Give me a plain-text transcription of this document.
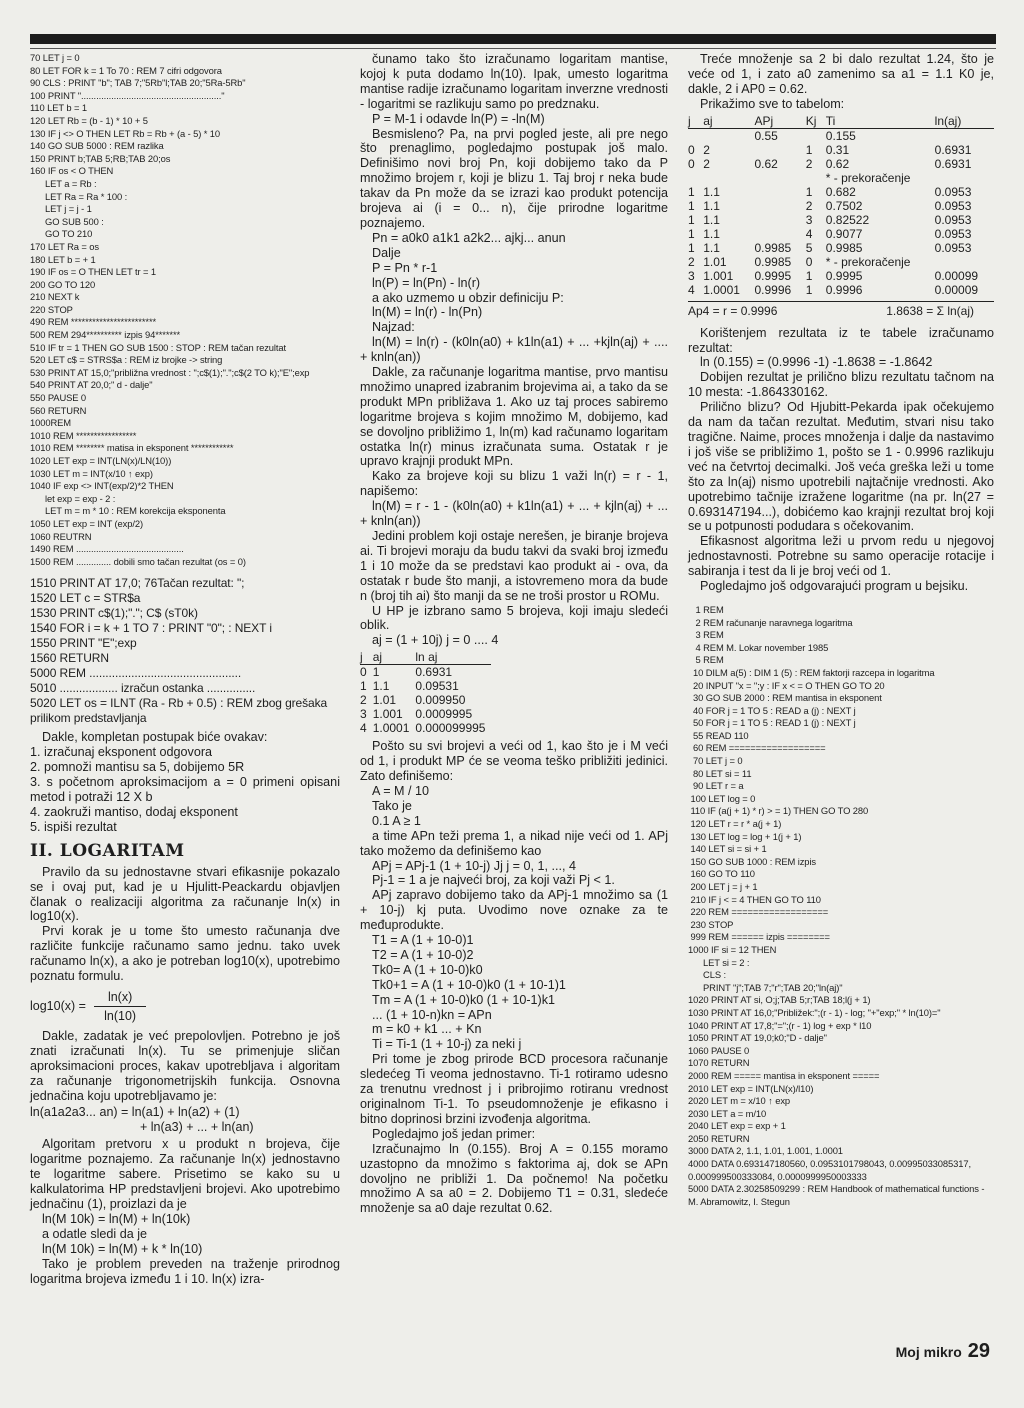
70 LET j = 0
80 LET FOR k = 1 To 70 : REM 7 cifri odgovora
90 CLS : PRINT "b"; TAB 7;"5Rb"l;TAB 20;"5Ra-5Rb"
100 PRINT "........................................................"
110 LET b = 1
120 LET Rb = (b - 1) * 10 + 5
130 IF j <> O THEN LET Rb = Rb + (a - 5) * 10
140 GO SUB 5000 : REM razlika
150 PRINT b;TAB 5;RB;TAB 20;os
160 IF os < O THEN
LET a = Rb :
LET Ra = Ra * 100 :
LET j = j - 1
GO SUB 500 :
GO TO 210
170 LET Ra = os
180 LET b = + 1
190 IF os = O THEN LET tr = 1
200 GO TO 120
210 NEXT k
220 STOP
490 REM ************************
500 REM 294********** izpis 94*******
510 IF tr = 1 THEN GO SUB 1500 : STOP : REM tačan rezultat
520 LET c$ = STRS$a : REM iz brojke -> string
530 PRINT AT 15,0;"približna vrednost : ";c$(1);".";c$(2 TO k);"E";exp
540 PRINT AT 20,0;" d - dalje"
550 PAUSE 0
560 RETURN
1000REM
1010 REM *****************
1010 REM ******** matisa in eksponent ************
1020 LET exp = INT(LN(x)/LN(10))
1030 LET m = INT(x/10 ↑ exp)
1040 IF exp <> INT(exp/2)*2 THEN
let exp = exp - 2 :
LET m = m * 10 : REM korekcija eksponenta
1050 LET exp = INT (exp/2)
1060 REUTRN
1490 REM ...........................................
1500 REM .............. dobili smo tačan rezultat (os = 0)
1510 PRINT AT 17,0; 76Tačan rezultat: ";
1520 LET c = STR$a
1530 PRINT c$(1);"."; C$ (sT0k)
1540 FOR i = k + 1 TO 7 : PRINT "0"; : NEXT i
1550 PRINT "E";exp
1560 RETURN
5000 REM ...............................................
5010 .................. izračun ostanka ...............
5020 LET os = ILNT (Ra - Rb + 0.5) : REM zbog grešaka prilikom predstavljanja

Dakle, kompletan postupak biće ovakav:

1. izračunaj eksponent odgovora
2. pomnoži mantisu sa 5, dobijemo 5R
3. s početnom aproksimacijom a = 0 primeni opisani metod i potraži 12 X b
4. zaokruži mantiso, dodaj eksponent
5. ispiši rezultat
II. LOGARITAM

Pravilo da su jednostavne stvari efikasnije pokazalo se i ovaj put, kad je u Hjulitt-Peackardu objavljen članak o realizaciji algoritma za računanje ln(x) in log10(x).

Prvi korak je u tome što umesto računanja dve različite funkcije računamo samo jednu. tako uvek računamo ln(x), a ako je potreban log10(x), upotrebimo poznatu formulu.

$\log 10(x) = \frac{\ln(x)}{\ln(10)}$

Dakle, zadatak je već prepolovljen. Potrebno je još znati izračunati ln(x). Tu se primenjuje sličan aproksimacioni proces, kakav upotrebljava i algoritam za računanje trigonometrijskih funkcija. Osnovna jednačina koju upotrebljavamo je:

ln(a1a2a3... an) = ln(a1) + ln(a2) + (1)
+ ln(a3) + ... + ln(an)

Algoritam pretvoru x u produkt n brojeva, čije logaritme poznajemo. Za računanje ln(x) jednostavno te logaritme sabere. Prisetimo se kako su u kalkulatorima HP predstavljeni brojevi. Ako upotrebimo jednačinu (1), proizlazi da je

ln(M 10k) = ln(M) + ln(10k)

a odatle sledi da je

ln(M 10k) = ln(M) + k * ln(10)

Tako je problem preveden na traženje prirodnog logaritma brojeva između 1 i 10. ln(x) izra-

čunamo tako što izračunamo logaritam mantise, kojoj k puta dodamo ln(10). Ipak, umesto logaritma mantise radije izračunamo logaritam inverzne vrednosti - logaritmi se razlikuju samo po predznaku.

P = M-1 i odavde ln(P) = -ln(M)

Besmisleno? Pa, na prvi pogled jeste, ali pre nego što prenaglimo, pogledajmo postupak još malo. Definišimo novi broj Pn, koji dobijemo tako da P množimo brojem r, koji je blizu 1. Taj broj r neka bude takav da Pn može da se izrazi kao produkt potencija brojeva ai (i = 0... n), čije prirodne logaritme poznajemo.

Pn = a0k0 a1k1 a2k2... ajkj... anun

Dalje

P = Pn * r-1

ln(P) = ln(Pn) - ln(r)

a ako uzmemo u obzir definiciju P:

ln(M) = ln(r) - ln(Pn)

Najzad:

ln(M) = ln(r) - (k0ln(a0) + k1ln(a1) + ... +kjln(aj) + .... + knln(an))

Dakle, za računanje logaritma mantise, prvo mantisu množimo unapred izabranim brojevima ai, a tako da se produkt MPn približava 1. Ako uz taj proces sabiremo logaritme brojeva s kojim množimo M, dobijemo, kad se dovoljno približimo 1, ln(m) kad računamo logaritam ostatka ln(r) minus izračunata suma. Ostatak r je upravo krajnji produkt MPn.

Kako za brojeve koji su blizu 1 važi ln(r) = r - 1, napišemo:

ln(M) = r - 1 - (k0ln(a0) + k1ln(a1) + ... + kjln(aj) + ... + knln(an))

Jedini problem koji ostaje nerešen, je biranje brojeva ai. Ti brojevi moraju da budu takvi da svaki broj između 1 i 10 može da se predstavi kao produkt ai - ova, da ostatak r bude što manji, a istovremeno mora da bude n (broj tih ai) što manji da se ne troši prostor u ROMu.

U HP je izbrano samo 5 brojeva, koji imaju sledeći oblik.

aj = (1 + 10j) j = 0 .... 4

j	aj	ln aj
0	1	0.6931
1	1.1	0.09531
2	1.01	0.009950
3	1.001	0.0009995
4	1.0001	0.000099995

Pošto su svi brojevi a veći od 1, kao što je i M veći od 1, i produkt MP će se veoma teško približiti jedinici. Zato definišemo:

A = M / 10

Tako je

0.1 A ≥ 1

a time APn teži prema 1, a nikad nije veći od 1. APj tako možemo da definišemo kao

APj = APj-1 (1 + 10-j) Jj j = 0, 1, ..., 4

Pj-1 = 1 a je najveći broj, za koji važi Pj < 1.

APj zapravo dobijemo tako da APj-1 množimo sa (1 + 10-j) kj puta. Uvodimo nove oznake za te međuprodukte.

T1 = A (1 + 10-0)1

T2 = A (1 + 10-0)2

Tk0= A (1 + 10-0)k0

Tk0+1 = A (1 + 10-0)k0 (1 + 10-1)1

Tm = A (1 + 10-0)k0 (1 + 10-1)k1

... (1 + 10-n)kn = APn

m = k0 + k1 ... + Kn

Ti = Ti-1 (1 + 10-j) za neki j

Pri tome je zbog prirode BCD procesora računanje sledećeg Ti veoma jednostavno. Ti-1 rotiramo udesno za trenutnu vrednost j i pribrojimo rotiranu vrednost originalnom Ti-1. To pseudomnoženje je efikasno i bitno doprinosi brzini izvođenja algoritma.

Pogledajmo još jedan primer:

Izračunajmo ln (0.155). Broj A = 0.155 moramo uzastopno da množimo s faktorima aj, dok se APn dovoljno ne približi 1. Da počnemo! Na početku množimo A sa a0 = 2. Dobijemo T1 = 0.31, sledeće množenje sa a0 daje rezultat 0.62.

Treće množenje sa 2 bi dalo rezultat 1.24, što je veće od 1, i zato a0 zamenimo sa a1 = 1.1 K0 je, dakle, 2 i AP0 = 0.62.

Prikažimo sve to tabelom:

j	aj	APj	Kj	Ti	ln(aj)
		0.55		0.155	
0	2		1	0.31	0.6931
0	2	0.62	2	0.62	0.6931
				* - prekoračenje	
1	1.1		1	0.682	0.0953
1	1.1		2	0.7502	0.0953
1	1.1		3	0.82522	0.0953
1	1.1		4	0.9077	0.0953
1	1.1	0.9985	5	0.9985	0.0953
2	1.01	0.9985	0	* - prekoračenje	
3	1.001	0.9995	1	0.9995	0.00099
4	1.0001	0.9996	1	0.9996	0.00009
Ap4 = r = 0.9996	1.8638 = Σ ln(aj)

Korištenjem rezultata iz te tabele izračunamo rezultat:

ln (0.155) = (0.9996 -1) -1.8638 = -1.8642

Dobijen rezultat je prilično blizu rezultatu tačnom na 10 mesta: -1.864330162.

Prilično blizu? Od Hjubitt-Pekarda ipak očekujemo da nam da tačan rezultat. Međutim, stvari nisu tako tragične. Naime, proces množenja i dalje da nastavimo i još više se približimo 1, pošto se 1 - 0.9996 razlikuju već na četvrtoj decimalki. Još veća greška leži u tome što za ln(aj) nismo upotrebili najtačnije vrednosti. Ako upotrebimo tačnije izražene logaritme (na pr. ln(27 = 0.693147194...), dobićemo kao krajnji rezultat broj koji se u potpunosti podudara s očekovanim.

Efikasnost algoritma leži u prvom redu u njegovoj jednostavnosti. Potrebne su samo operacije rotacije i sabiranja i test da li je broj veći od 1.

Pogledajmo još odgovarajući program u bejsiku.

1 REM
2 REM računanje naravnega logaritma
3 REM
4 REM M. Lokar november 1985
5 REM
10 DILM a(5) : DIM 1 (5) : REM faktorji razcepa in logaritma
20 INPUT "x = ";y : IF x < = O THEN GO TO 20
30 GO SUB 2000 : REM mantisa in eksponent
40 FOR j = 1 TO 5 : READ a (j) : NEXT j
50 FOR j = 1 TO 5 : READ 1 (j) : NEXT j
55 READ 110
60 REM ==================
70 LET j = 0
80 LET si = 11
90 LET r = a
100 LET log = 0
110 IF (a(j + 1) * r) > = 1) THEN GO TO 280
120 LET r = r * a(j + 1)
130 LET log = log + 1(j + 1)
140 LET si = si + 1
150 GO SUB 1000 : REM izpis
160 GO TO 110
200 LET j = j + 1
210 IF j < = 4 THEN GO TO 110
220 REM ==================
230 STOP
999 REM ====== izpis ========
1000 IF si = 12 THEN
LET si = 2 :
CLS :
PRINT "j";TAB 7;"r";TAB 20;"ln(aj)"
1020 PRINT AT si, O;j;TAB 5;r;TAB 18;l(j + 1)
1030 PRINT AT 16,0;"Približek:";(r - 1) - log; "+"exp;" * ln(10)="
1040 PRINT AT 17,8;"=";(r - 1) log + exp * l10
1050 PRINT AT 19,0;k0;"D - dalje"
1060 PAUSE 0
1070 RETURN
2000 REM ===== mantisa in eksponent =====
2010 LET exp = INT(LN(x)/l10)
2020 LET m = x/10 ↑ exp
2030 LET a = m/10
2040 LET exp = exp + 1
2050 RETURN
3000 DATA 2, 1.1, 1.01, 1.001, 1.0001
4000 DATA 0.693147180560, 0.0953101798043, 0.00995033085317, 0.000999500333084, 0.0000999950003333
5000 DATA 2.30258509299 : REM Handbook of mathematical functions - M. Abramowitz, I. Stegun
Moj mikro 29
